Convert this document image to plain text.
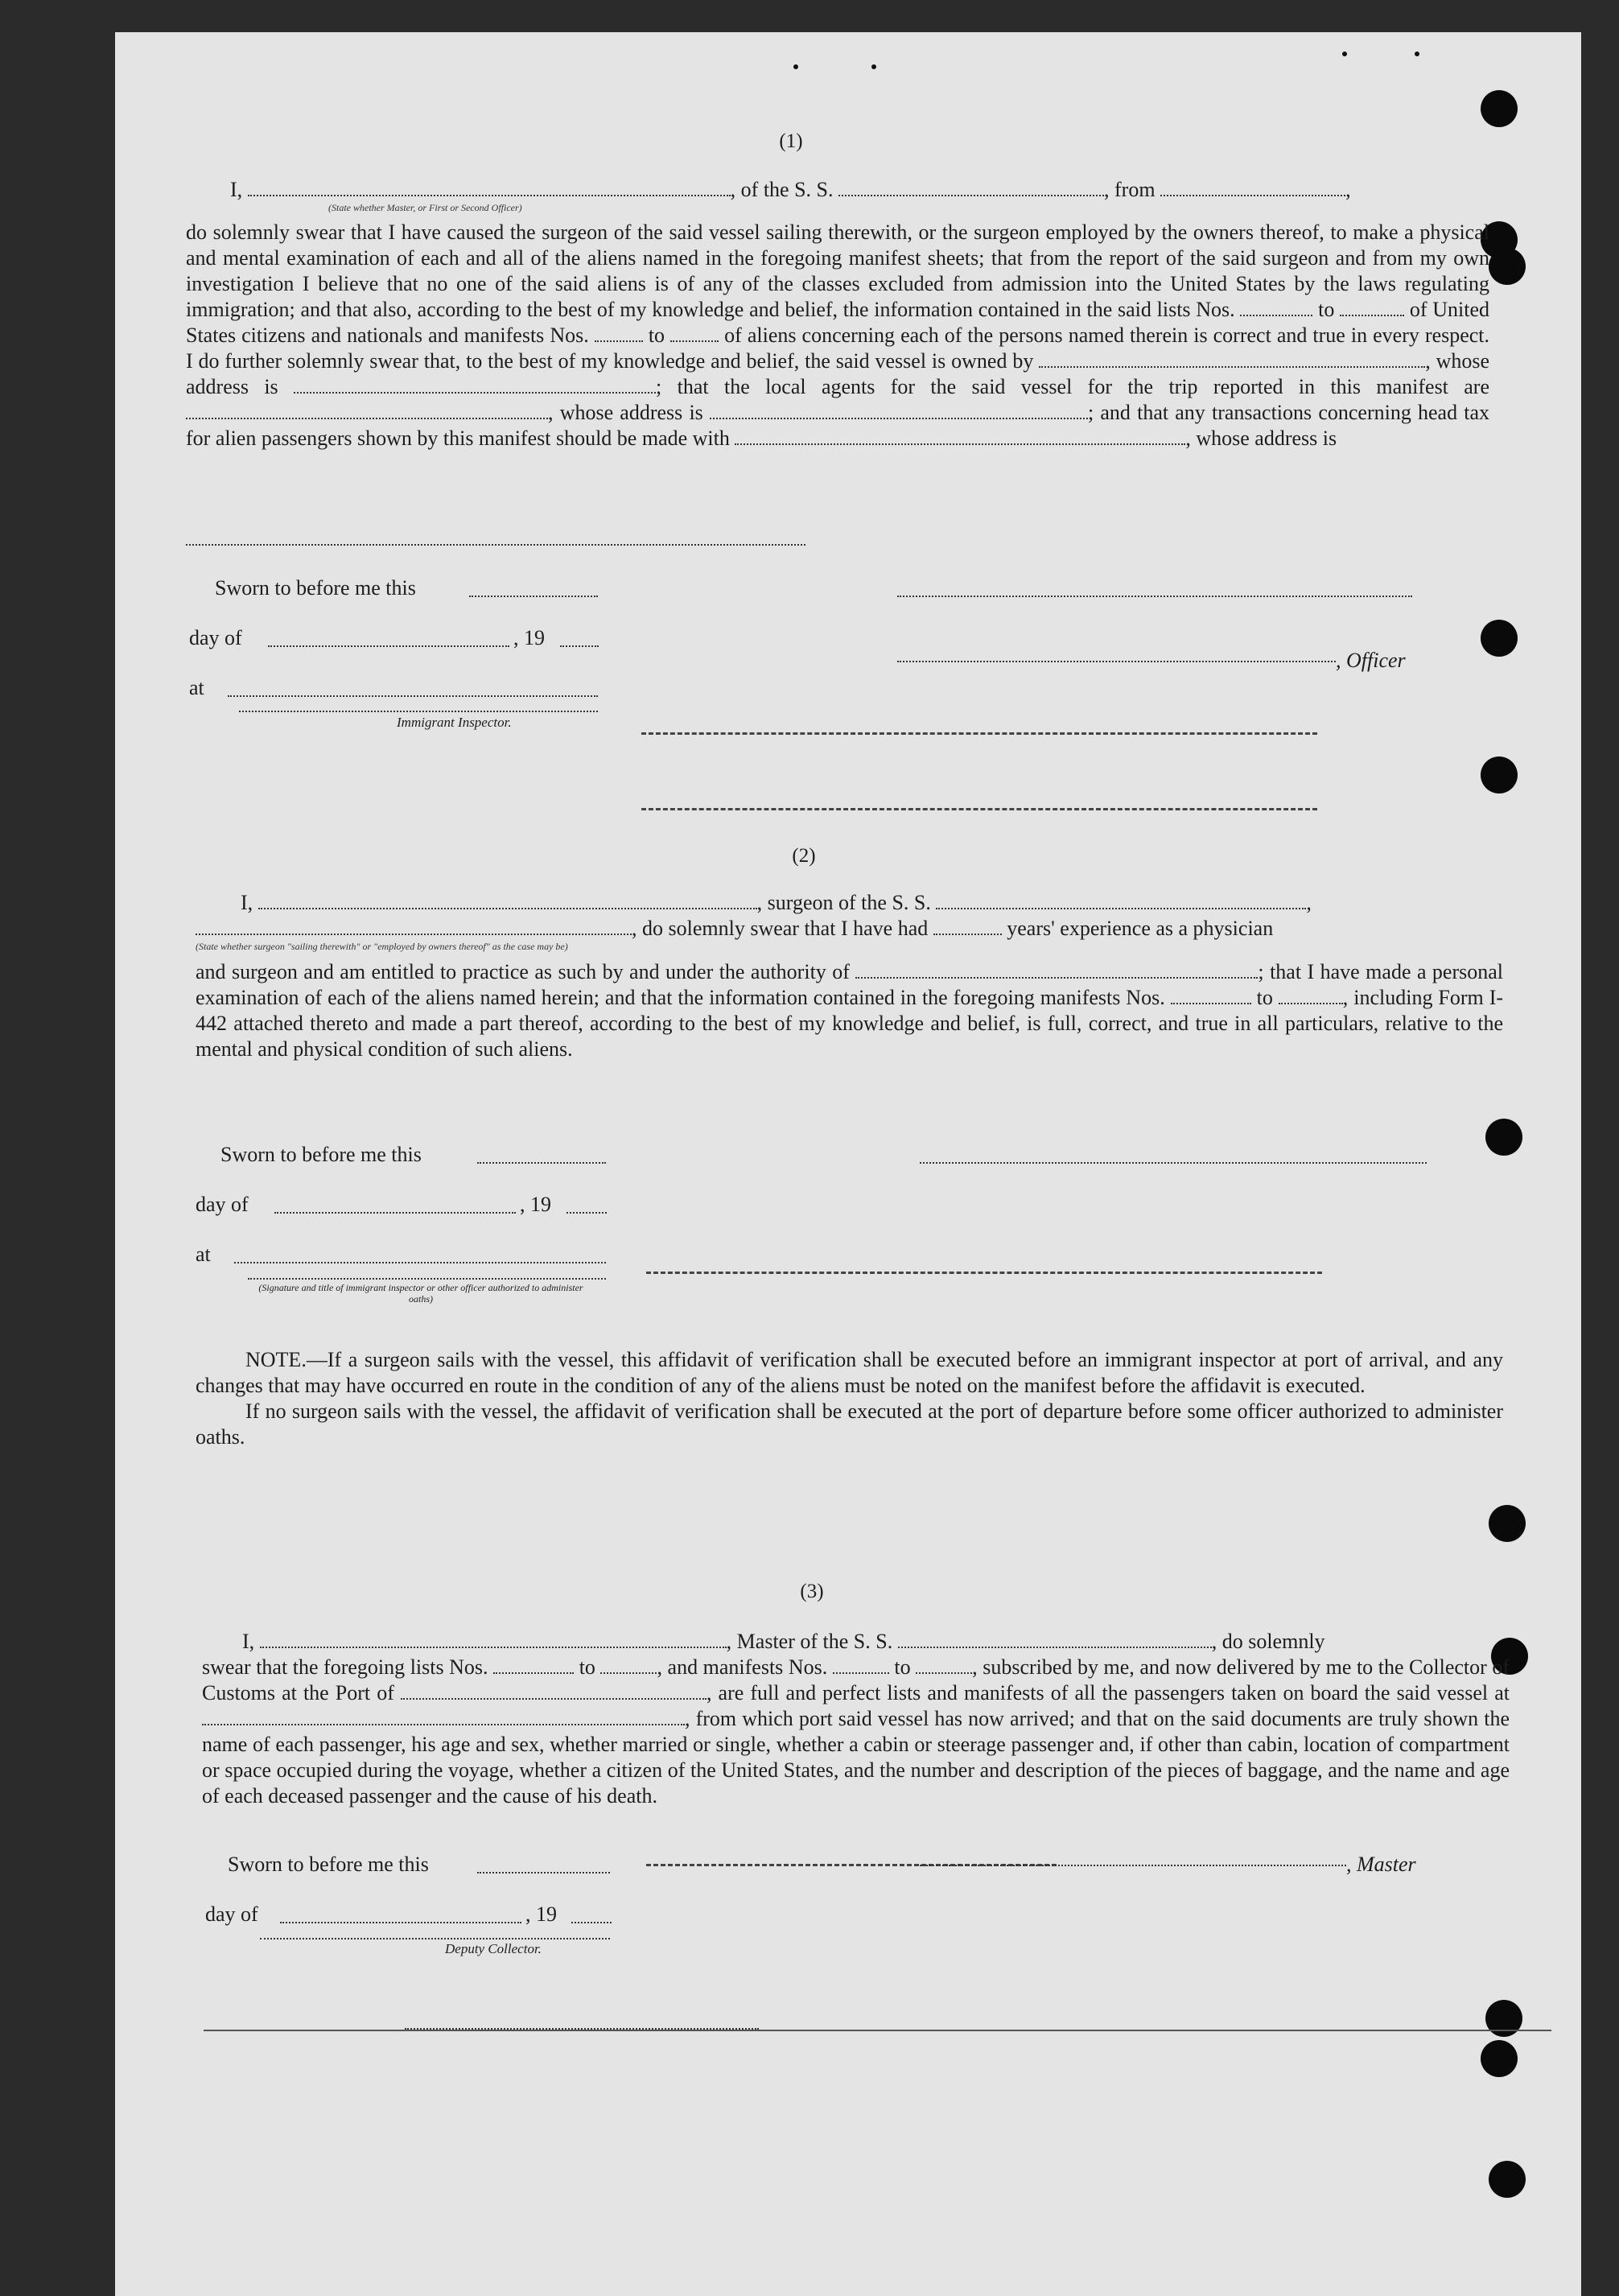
(1)
I,	, of the S. S.	, from	,
(State whether Master, or First or Second Officer)

do solemnly swear that I have caused the surgeon of the said vessel sailing therewith, or the surgeon employed by the owners thereof, to make a physical and mental examination of each and all of the aliens named in the foregoing manifest sheets; that from the report of the said surgeon and from my own investigation I believe that no one of the said aliens is of any of the classes excluded from admission into the United States by the laws regulating immigration; and that also, according to the best of my knowledge and belief, the information contained in the said lists Nos.	to	of United States citizens and nationals and manifests Nos.	to	of aliens concerning each of the persons named therein is correct and true in every respect. I do further solemnly swear that, to the best of my knowledge and belief, the said vessel is owned by	, whose address is	; that the local agents for the said vessel for the trip reported in this manifest are , whose address is	; and that any transactions concerning head tax for alien passengers shown by this manifest should be made with	, whose address is

Sworn to before me this
day of	, 19
, Officer
at
Immigrant Inspector.
(2)
I,	, surgeon of the S. S.	,
, do solemnly swear that I have had	years' experience as a physician
(State whether surgeon "sailing therewith" or "employed by owners thereof" as the case may be)

and surgeon and am entitled to practice as such by and under the authority of	; that I have made a personal examination of each of the aliens named herein; and that the information contained in the foregoing manifests Nos.	to	, including Form I-442 attached thereto and made a part thereof, according to the best of my knowledge and belief, is full, correct, and true in all particulars, relative to the mental and physical condition of such aliens.

Sworn to before me this
day of	, 19
at
(Signature and title of immigrant inspector or other officer authorized to administer oaths)

NOTE.—If a surgeon sails with the vessel, this affidavit of verification shall be executed before an immigrant inspector at port of arrival, and any changes that may have occurred en route in the condition of any of the aliens must be noted on the manifest before the affidavit is executed.

If no surgeon sails with the vessel, the affidavit of verification shall be executed at the port of departure before some officer authorized to administer oaths.

(3)
I,	, Master of the S. S.	, do solemnly

swear that the foregoing lists Nos.	to	, and manifests Nos.	to	, subscribed by me, and now delivered by me to the Collector of Customs at the Port of	, are full and perfect lists and manifests of all the passengers taken on board the said vessel at , from which port said vessel has now arrived; and that on the said documents are truly shown the name of each passenger, his age and sex, whether married or single, whether a cabin or steerage passenger and, if other than cabin, location of compartment or space occupied during the voyage, whether a citizen of the United States, and the number and description of the pieces of baggage, and the name and age of each deceased passenger and the cause of his death.

Sworn to before me this	, Master
day of	, 19
Deputy Collector.
